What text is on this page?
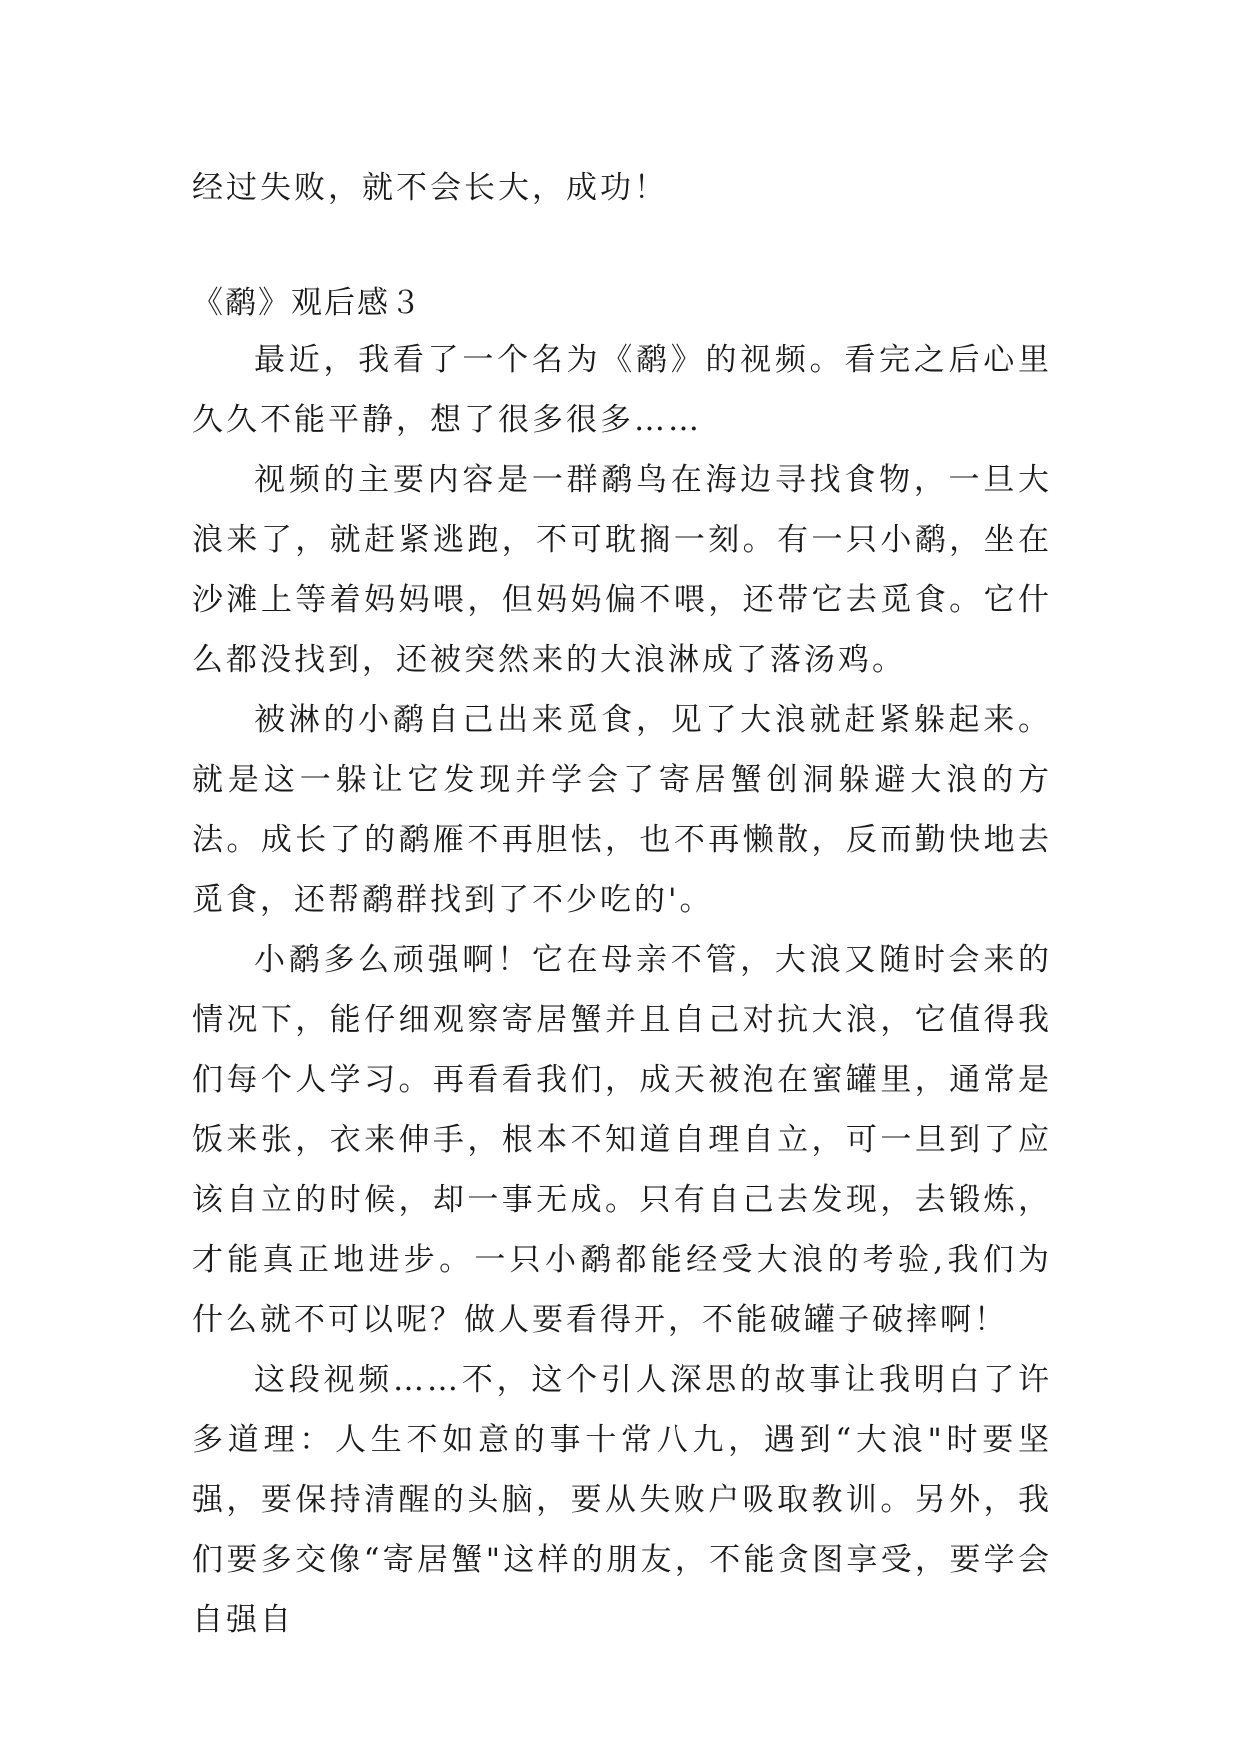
经过失败，就不会长大，成功！
《鹬》观后感３

最近，我看了一个名为《鹬》的视频。看完之后心里久久不能平静，想了很多很多……

视频的主要内容是一群鹬鸟在海边寻找食物，一旦大浪来了，就赶紧逃跑，不可耽搁一刻。有一只小鹬，坐在沙滩上等着妈妈喂，但妈妈偏不喂，还带它去觅食。它什么都没找到，还被突然来的大浪淋成了落汤鸡。

被淋的小鹬自己出来觅食，见了大浪就赶紧躲起来。就是这一躲让它发现并学会了寄居蟹创洞躲避大浪的方法。成长了的鹬雁不再胆怯，也不再懒散，反而勤快地去觅食，还帮鹬群找到了不少吃的'。

小鹬多么顽强啊！它在母亲不管，大浪又随时会来的情况下，能仔细观察寄居蟹并且自己对抗大浪，它值得我们每个人学习。再看看我们，成天被泡在蜜罐里，通常是饭来张，衣来伸手，根本不知道自理自立，可一旦到了应该自立的时候，却一事无成。只有自己去发现，去锻炼，才能真正地进步。一只小鹬都能经受大浪的考验,我们为什么就不可以呢？做人要看得开，不能破罐子破摔啊！

这段视频……不，这个引人深思的故事让我明白了许多道理：人生不如意的事十常八九，遇到“大浪"时要坚强，要保持清醒的头脑，要从失败户吸取教训。另外，我们要多交像“寄居蟹"这样的朋友，不能贪图享受，要学会自强自
